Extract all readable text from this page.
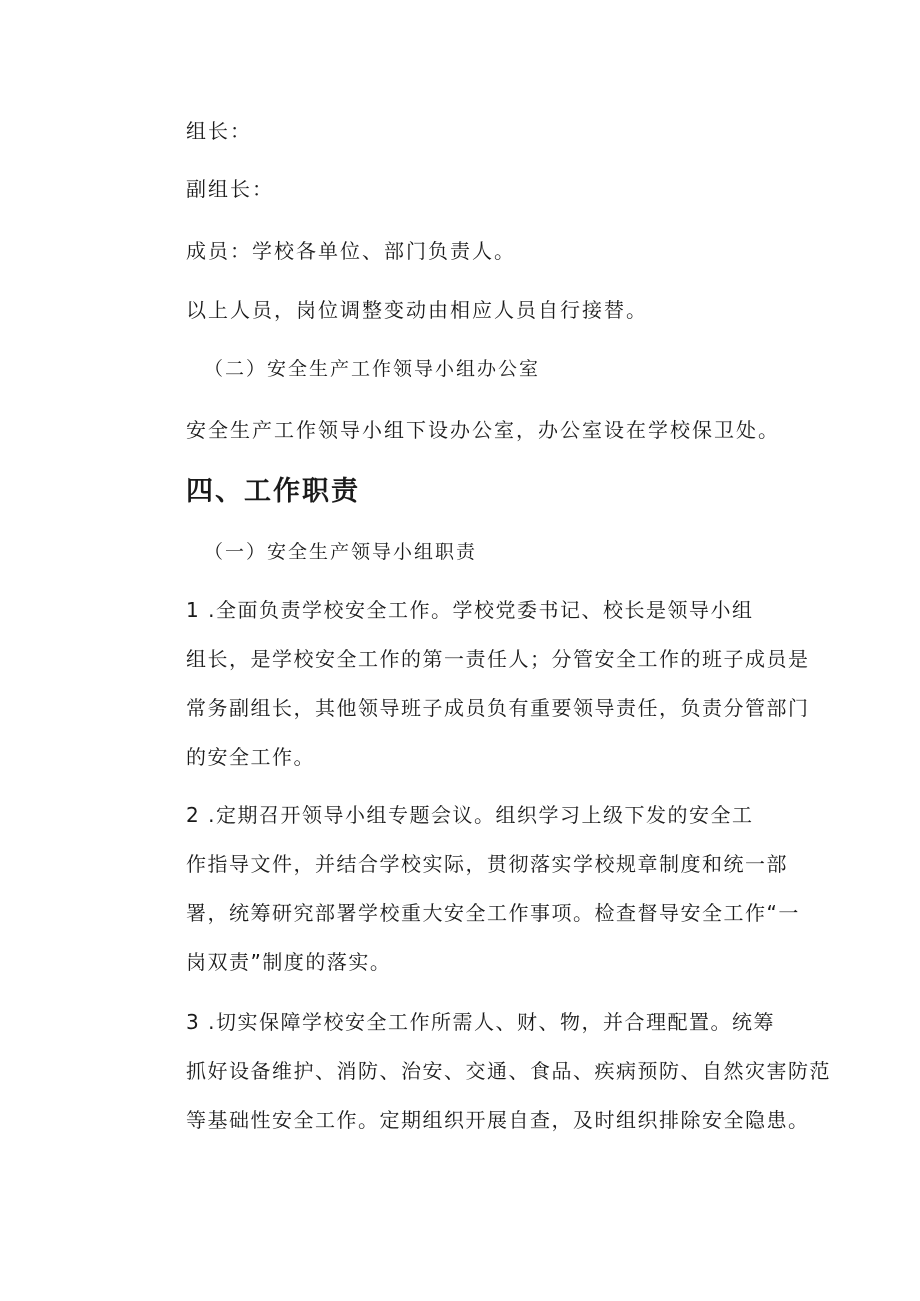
组长：
副组长：
成员：学校各单位、部门负责人。
以上人员，岗位调整变动由相应人员自行接替。
（二）安全生产工作领导小组办公室
安全生产工作领导小组下设办公室，办公室设在学校保卫处。
四、工作职责
（一）安全生产领导小组职责
1 .全面负责学校安全工作。学校党委书记、校长是领导小组
组长，是学校安全工作的第一责任人；分管安全工作的班子成员是
常务副组长，其他领导班子成员负有重要领导责任，负责分管部门
的安全工作。
2 .定期召开领导小组专题会议。组织学习上级下发的安全工
作指导文件，并结合学校实际，贯彻落实学校规章制度和统一部
署，统筹研究部署学校重大安全工作事项。检查督导安全工作“一
岗双责”制度的落实。
3 .切实保障学校安全工作所需人、财、物，并合理配置。统筹
抓好设备维护、消防、治安、交通、食品、疾病预防、自然灾害防范
等基础性安全工作。定期组织开展自查，及时组织排除安全隐患。
